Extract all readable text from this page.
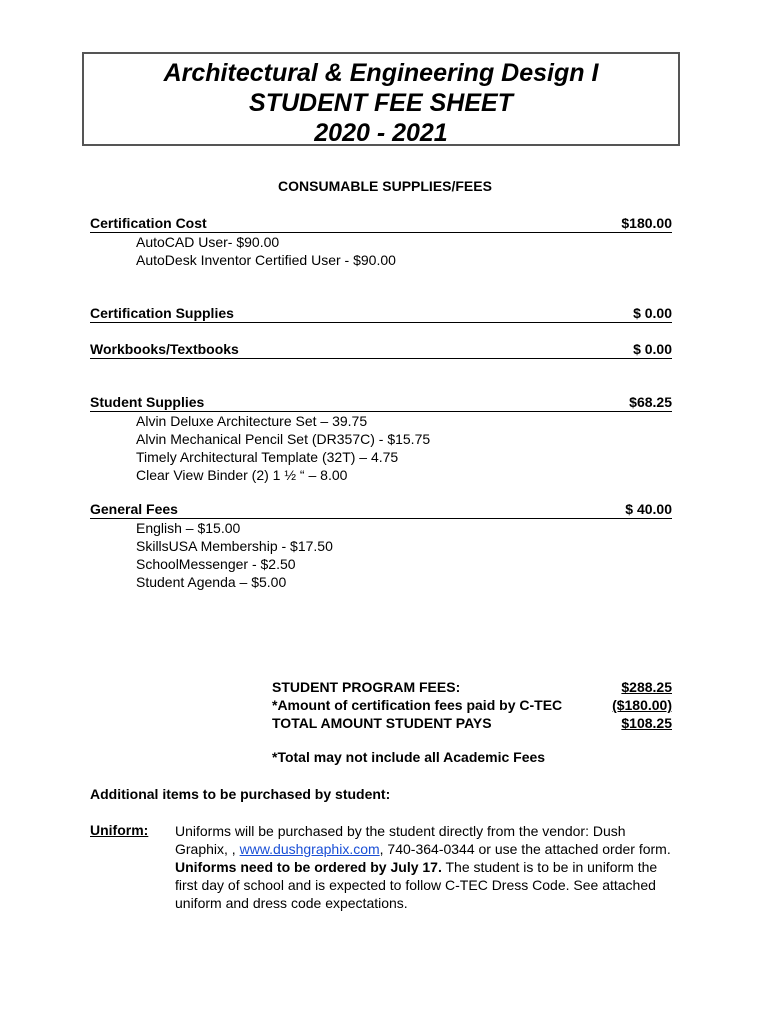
Architectural & Engineering Design I
STUDENT FEE SHEET
2020 - 2021
CONSUMABLE SUPPLIES/FEES
Certification Cost	$180.00
AutoCAD User- $90.00
AutoDesk Inventor Certified User - $90.00
Certification Supplies	$ 0.00
Workbooks/Textbooks	$ 0.00
Student Supplies	$68.25
Alvin Deluxe Architecture Set – 39.75
Alvin Mechanical Pencil Set (DR357C) - $15.75
Timely Architectural Template (32T) – 4.75
Clear View Binder (2) 1 ½ “ – 8.00
General Fees	$ 40.00
English – $15.00
SkillsUSA Membership - $17.50
SchoolMessenger - $2.50
Student Agenda – $5.00
STUDENT PROGRAM FEES:	$288.25
*Amount of certification fees paid by C-TEC	($180.00)
TOTAL AMOUNT STUDENT PAYS	$108.25
*Total may not include all Academic Fees
Additional items to be purchased by student:
Uniform: Uniforms will be purchased by the student directly from the vendor: Dush Graphix, , www.dushgraphix.com, 740-364-0344 or use the attached order form. Uniforms need to be ordered by July 17. The student is to be in uniform the first day of school and is expected to follow C-TEC Dress Code. See attached uniform and dress code expectations.
